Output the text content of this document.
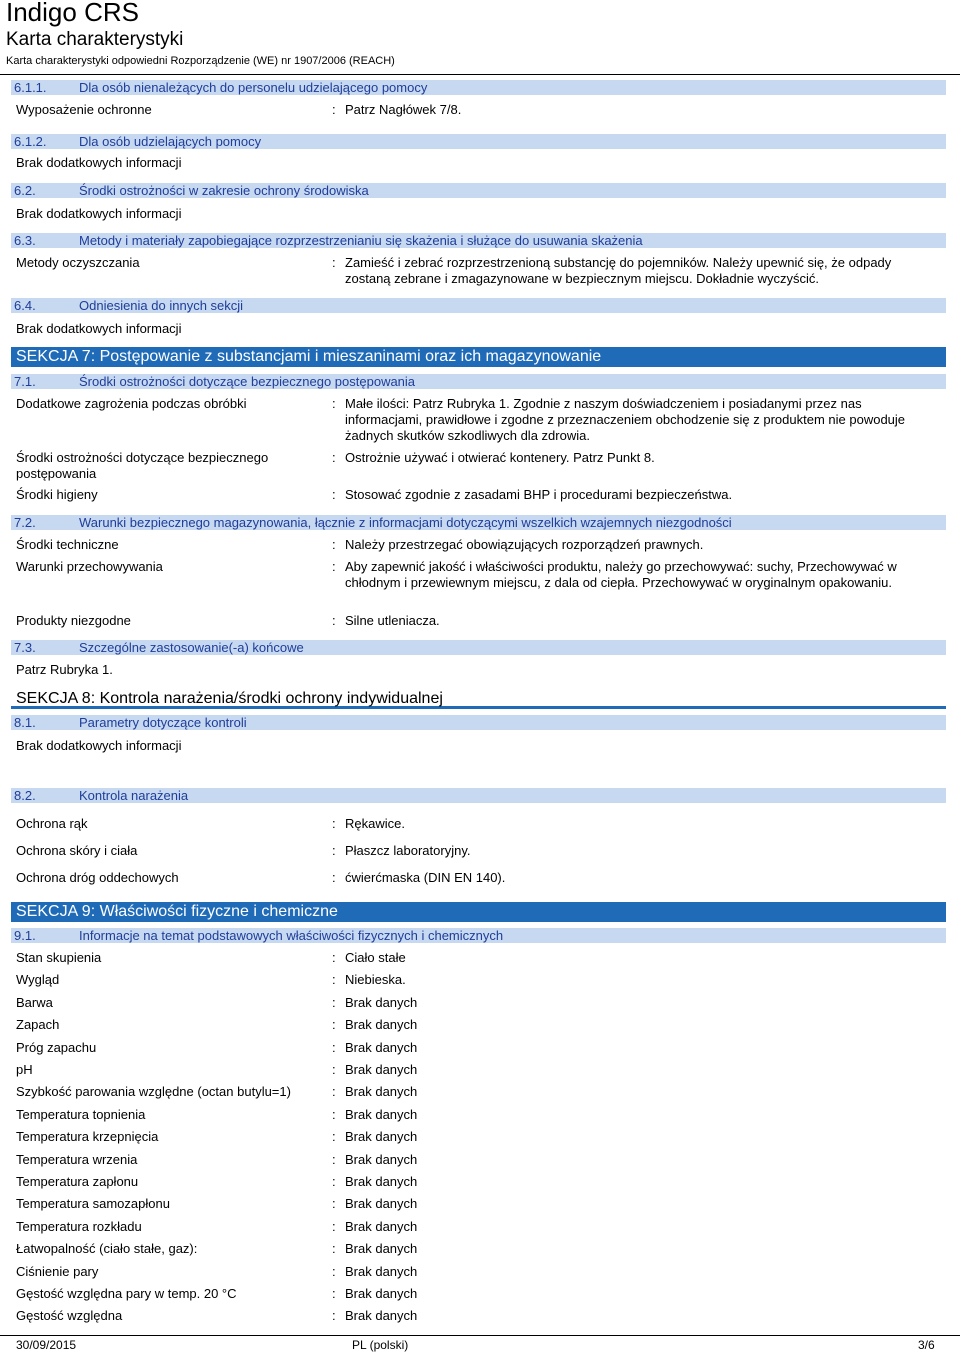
Indigo CRS
Karta charakterystyki
Karta charakterystyki odpowiedni Rozporządzenie (WE) nr 1907/2006 (REACH)
6.1.1. Dla osób nienależących do personelu udzielającego pomocy
Wyposażenie ochronne	: Patrz Nagłówek 7/8.
6.1.2. Dla osób udzielających pomocy
Brak dodatkowych informacji
6.2.	Środki ostrożności w zakresie ochrony środowiska
Brak dodatkowych informacji
6.3.	Metody i materiały zapobiegające rozprzestrzenianiu się skażenia i służące do usuwania skażenia
Metody oczyszczania	: Zamieść i zebrać rozprzestrzenioną substancję do pojemników. Należy upewnić się, że odpady zostaną zebrane i zmagazynowane w bezpiecznym miejscu. Dokładnie wyczyścić.
6.4.	Odniesienia do innych sekcji
Brak dodatkowych informacji
SEKCJA 7: Postępowanie z substancjami i mieszaninami oraz ich magazynowanie
7.1.	Środki ostrożności dotyczące bezpiecznego postępowania
Dodatkowe zagrożenia podczas obróbki	: Małe ilości: Patrz Rubryka 1. Zgodnie z naszym doświadczeniem i posiadanymi przez nas informacjami, prawidłowe i zgodne z przeznaczeniem obchodzenie się z produktem nie powoduje żadnych skutków szkodliwych dla zdrowia.
Środki ostrożności dotyczące bezpiecznego postępowania
: Ostrożnie używać i otwierać kontenery. Patrz Punkt 8.
Środki higieny	: Stosować zgodnie z zasadami BHP i procedurami bezpieczeństwa.
7.2.	Warunki bezpiecznego magazynowania, łącznie z informacjami dotyczącymi wszelkich wzajemnych niezgodności
Środki techniczne	: Należy przestrzegać obowiązujących rozporządzeń prawnych.
Warunki przechowywania	: Aby zapewnić jakość i właściwości produktu, należy go przechowywać: suchy, Przechowywać w chłodnym i przewiewnym miejscu, z dala od ciepła. Przechowywać w oryginalnym opakowaniu.
Produkty niezgodne	: Silne utleniacza.
7.3.	Szczególne zastosowanie(-a) końcowe
Patrz Rubryka 1.
SEKCJA 8: Kontrola narażenia/środki ochrony indywidualnej
8.1.	Parametry dotyczące kontroli
Brak dodatkowych informacji
8.2.	Kontrola narażenia
Ochrona rąk	: Rękawice.
Ochrona skóry i ciała	: Płaszcz laboratoryjny.
Ochrona dróg oddechowych	: ćwierćmaska (DIN EN 140).
SEKCJA 9: Właściwości fizyczne i chemiczne
9.1.	Informacje na temat podstawowych właściwości fizycznych i chemicznych
Stan skupienia	: Ciało stałe
Wygląd	: Niebieska.
Barwa	: Brak danych
Zapach	: Brak danych
Próg zapachu	: Brak danych
pH	: Brak danych
Szybkość parowania względne (octan butylu=1)	: Brak danych
Temperatura topnienia	: Brak danych
Temperatura krzepnięcia	: Brak danych
Temperatura wrzenia	: Brak danych
Temperatura zapłonu	: Brak danych
Temperatura samozapłonu	: Brak danych
Temperatura rozkładu	: Brak danych
Łatwopalność (ciało stałe, gaz):	: Brak danych
Ciśnienie pary	: Brak danych
Gęstość względna pary w temp. 20 °C	: Brak danych
Gęstość względna	: Brak danych
30/09/2015	PL (polski)	3/6
